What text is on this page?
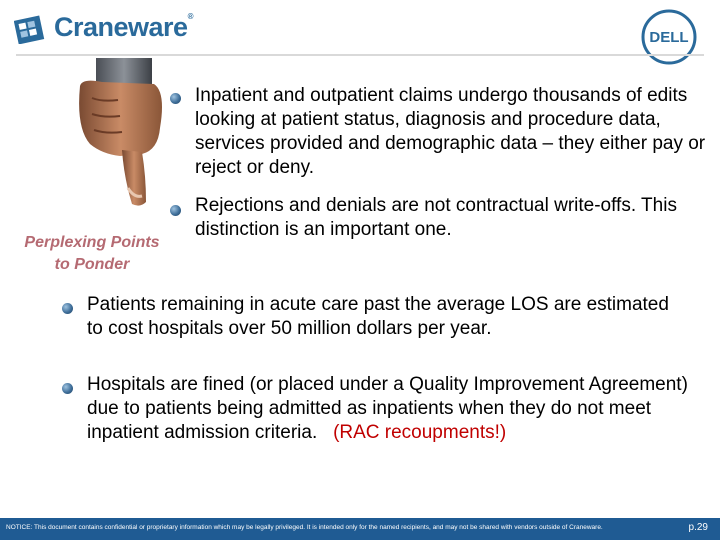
Craneware®
DELL
Perplexing Points
to Ponder
Inpatient and outpatient claims undergo thousands of edits looking at patient status, diagnosis and procedure data, services provided and demographic data – they either pay or reject or deny.
Rejections and denials are not contractual write-offs. This distinction is an important one.
Patients remaining in acute care past the average LOS are estimated to cost hospitals over 50 million dollars per year.
Hospitals are fined (or placed under a Quality Improvement Agreement) due to patients being admitted as inpatients when they do not meet inpatient admission criteria. (RAC recoupments!)
NOTICE: This document contains confidential or proprietary information which may be legally privileged. It is intended only for the named recipients, and may not be shared with vendors outside of Craneware.	p.29
